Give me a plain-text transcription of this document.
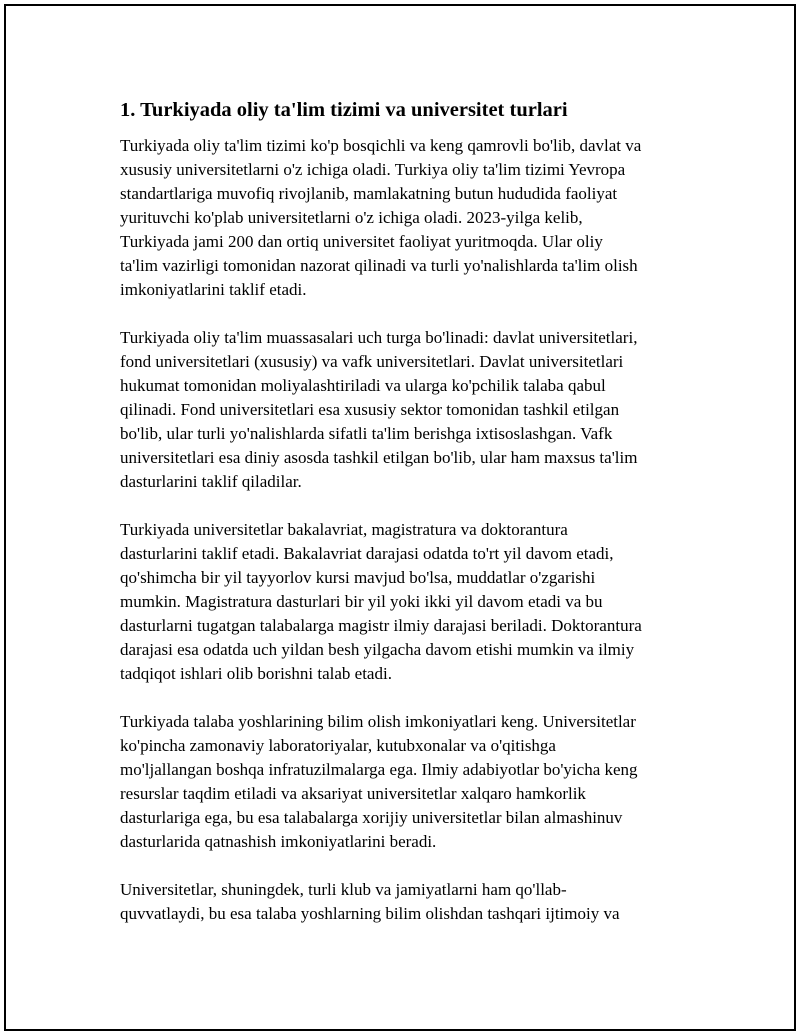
1. Turkiyada oliy ta'lim tizimi va universitet turlari

Turkiyada oliy ta'lim tizimi ko'p bosqichli va keng qamrovli bo'lib, davlat va
xususiy universitetlarni o'z ichiga oladi. Turkiya oliy ta'lim tizimi Yevropa
standartlariga muvofiq rivojlanib, mamlakatning butun hududida faoliyat
yurituvchi ko'plab universitetlarni o'z ichiga oladi. 2023-yilga kelib,
Turkiyada jami 200 dan ortiq universitet faoliyat yuritmoqda. Ular oliy
ta'lim vazirligi tomonidan nazorat qilinadi va turli yo'nalishlarda ta'lim olish
imkoniyatlarini taklif etadi.

Turkiyada oliy ta'lim muassasalari uch turga bo'linadi: davlat universitetlari,
fond universitetlari (xususiy) va vafk universitetlari. Davlat universitetlari
hukumat tomonidan moliyalashtiriladi va ularga ko'pchilik talaba qabul
qilinadi. Fond universitetlari esa xususiy sektor tomonidan tashkil etilgan
bo'lib, ular turli yo'nalishlarda sifatli ta'lim berishga ixtisoslashgan. Vafk
universitetlari esa diniy asosda tashkil etilgan bo'lib, ular ham maxsus ta'lim
dasturlarini taklif qiladilar.

Turkiyada universitetlar bakalavriat, magistratura va doktorantura
dasturlarini taklif etadi. Bakalavriat darajasi odatda to'rt yil davom etadi,
qo'shimcha bir yil tayyorlov kursi mavjud bo'lsa, muddatlar o'zgarishi
mumkin. Magistratura dasturlari bir yil yoki ikki yil davom etadi va bu
dasturlarni tugatgan talabalarga magistr ilmiy darajasi beriladi. Doktorantura
darajasi esa odatda uch yildan besh yilgacha davom etishi mumkin va ilmiy
tadqiqot ishlari olib borishni talab etadi.

Turkiyada talaba yoshlarining bilim olish imkoniyatlari keng. Universitetlar
ko'pincha zamonaviy laboratoriyalar, kutubxonalar va o'qitishga
mo'ljallangan boshqa infratuzilmalarga ega. Ilmiy adabiyotlar bo'yicha keng
resurslar taqdim etiladi va aksariyat universitetlar xalqaro hamkorlik
dasturlariga ega, bu esa talabalarga xorijiy universitetlar bilan almashinuv
dasturlarida qatnashish imkoniyatlarini beradi.

Universitetlar, shuningdek, turli klub va jamiyatlarni ham qo'llab-
quvvatlaydi, bu esa talaba yoshlarning bilim olishdan tashqari ijtimoiy va
